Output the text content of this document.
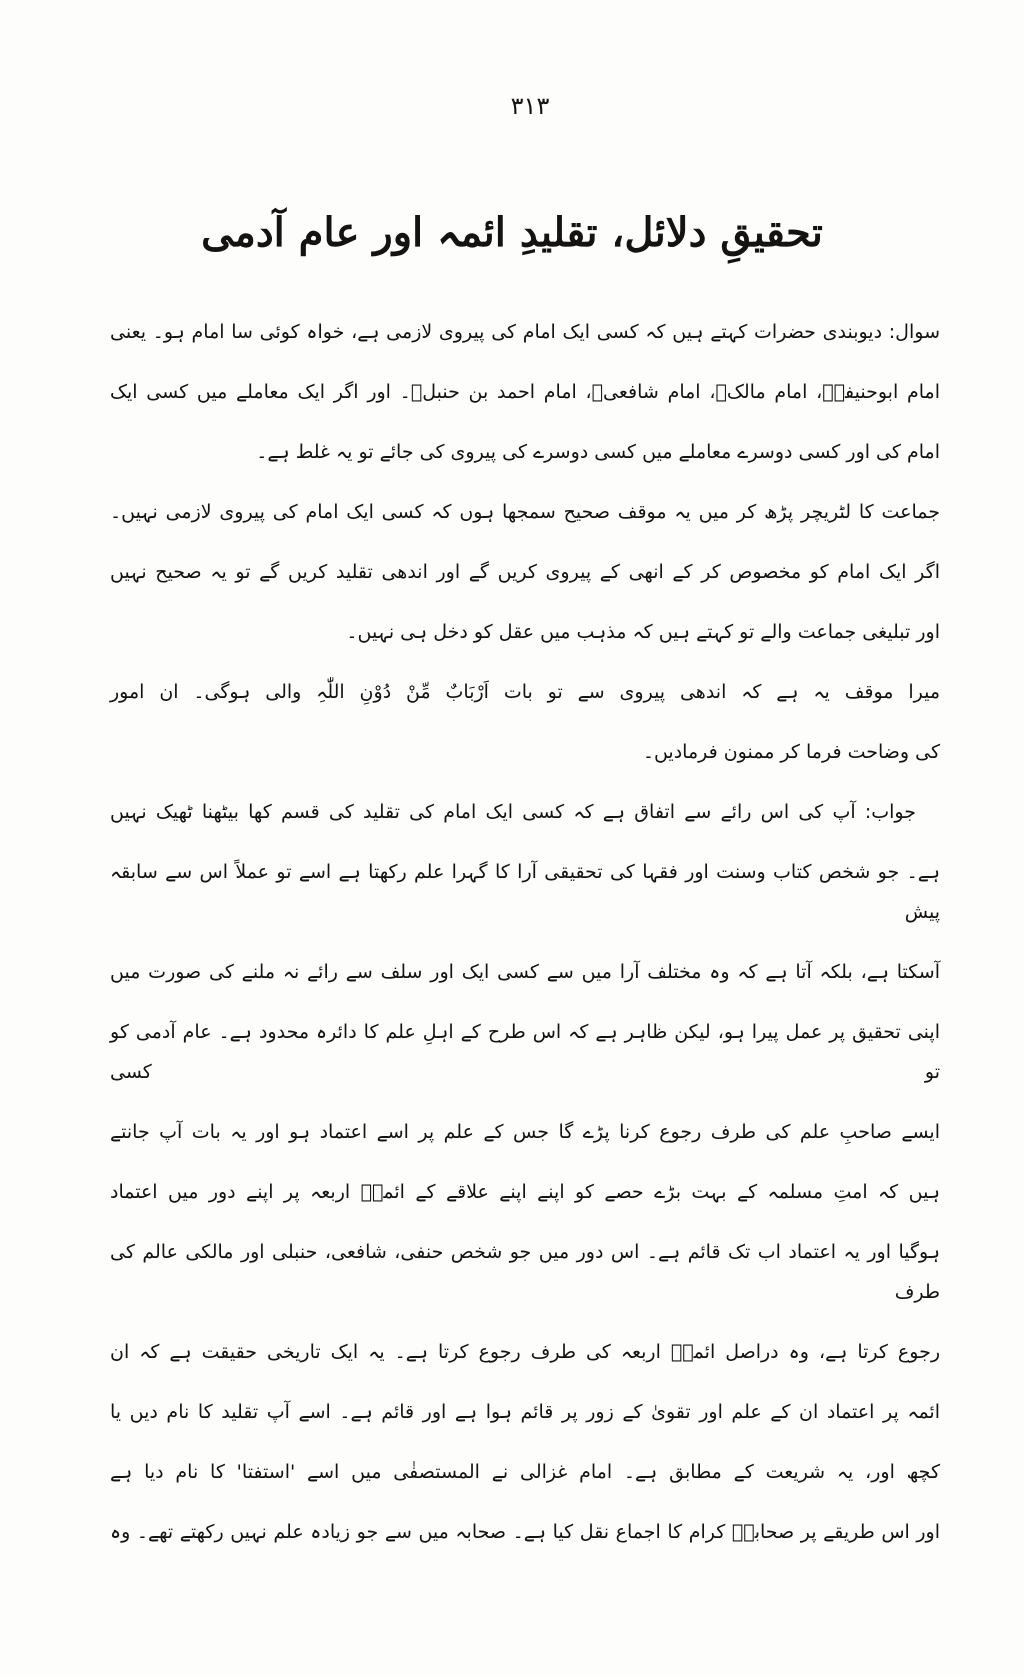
۳۱۳
تحقیقِ دلائل، تقلیدِ ائمہ اور عام آدمی
سوال: دیوبندی حضرات کہتے ہیں کہ کسی ایک امام کی پیروی لازمی ہے، خواہ کوئی سا امام ہو۔ یعنی
امام ابوحنیفہؒ، امام مالکؒ، امام شافعیؒ، امام احمد بن حنبلؒ۔ اور اگر ایک معاملے میں کسی ایک
امام کی اور کسی دوسرے معاملے میں کسی دوسرے کی پیروی کی جائے تو یہ غلط ہے۔
جماعت کا لٹریچر پڑھ کر میں یہ موقف صحیح سمجھا ہوں کہ کسی ایک امام کی پیروی لازمی نہیں۔
اگر ایک امام کو مخصوص کر کے انھی کے پیروی کریں گے اور اندھی تقلید کریں گے تو یہ صحیح نہیں
اور تبلیغی جماعت والے تو کہتے ہیں کہ مذہب میں عقل کو دخل ہی نہیں۔
میرا موقف یہ ہے کہ اندھی پیروی سے تو بات اَرْبَابٌ مِّنْ دُوْنِ اللّٰہِ والی ہوگی۔ ان امور
کی وضاحت فرما کر ممنون فرمادیں۔
جواب: آپ کی اس رائے سے اتفاق ہے کہ کسی ایک امام کی تقلید کی قسم کھا بیٹھنا ٹھیک نہیں
ہے۔ جو شخص کتاب وسنت اور فقہا کی تحقیقی آرا کا گہرا علم رکھتا ہے اسے تو عملاً اس سے سابقہ پیش
آسکتا ہے، بلکہ آتا ہے کہ وہ مختلف آرا میں سے کسی ایک اور سلف سے رائے نہ ملنے کی صورت میں
اپنی تحقیق پر عمل پیرا ہو، لیکن ظاہر ہے کہ اس طرح کے اہلِ علم کا دائرہ محدود ہے۔ عام آدمی کو تو کسی
ایسے صاحبِ علم کی طرف رجوع کرنا پڑے گا جس کے علم پر اسے اعتماد ہو اور یہ بات آپ جانتے
ہیں کہ امتِ مسلمہ کے بہت بڑے حصے کو اپنے اپنے علاقے کے ائمہؒ اربعہ پر اپنے دور میں اعتماد
ہوگیا اور یہ اعتماد اب تک قائم ہے۔ اس دور میں جو شخص حنفی، شافعی، حنبلی اور مالکی عالم کی طرف
رجوع کرتا ہے، وہ دراصل ائمہؒ اربعہ کی طرف رجوع کرتا ہے۔ یہ ایک تاریخی حقیقت ہے کہ ان
ائمہ پر اعتماد ان کے علم اور تقویٰ کے زور پر قائم ہوا ہے اور قائم ہے۔ اسے آپ تقلید کا نام دیں یا
کچھ اور، یہ شریعت کے مطابق ہے۔ امام غزالی نے المستصفٰی میں اسے 'استفتا' کا نام دیا ہے
اور اس طریقے پر صحابہؓ کرام کا اجماع نقل کیا ہے۔ صحابہ میں سے جو زیادہ علم نہیں رکھتے تھے۔ وہ
